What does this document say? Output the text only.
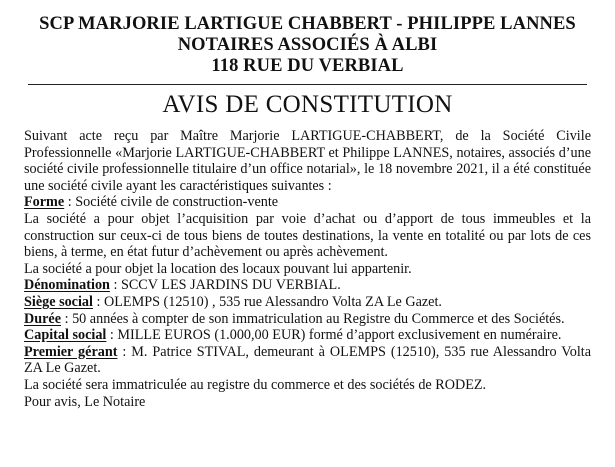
SCP MARJORIE LARTIGUE CHABBERT - PHILIPPE LANNES
NOTAIRES ASSOCIÉS À ALBI
118 RUE DU VERBIAL
AVIS DE CONSTITUTION

Suivant acte reçu par Maître Marjorie LARTIGUE-CHABBERT, de la Société Civile Professionnelle «Marjorie LARTIGUE-CHABBERT et Philippe LANNES, notaires, associés d’une société civile professionnelle titulaire d’un office notarial», le 18 novembre 2021, il a été constituée une société civile ayant les caractéristiques suivantes :

Forme : Société civile de construction-vente

La société a pour objet l’acquisition par voie d’achat ou d’apport de tous immeubles et la construction sur ceux-ci de tous biens de toutes destinations, la vente en totalité ou par lots de ces biens, à terme, en état futur d’achèvement ou après achèvement.

La société a pour objet la location des locaux pouvant lui appartenir.

Dénomination : SCCV LES JARDINS DU VERBIAL.

Siège social : OLEMPS (12510) , 535 rue Alessandro Volta ZA Le Gazet.

Durée : 50 années à compter de son immatriculation au Registre du Commerce et des Sociétés.

Capital social : MILLE EUROS (1.000,00 EUR) formé d’apport exclusivement en numéraire.

Premier gérant : M. Patrice STIVAL, demeurant à OLEMPS (12510), 535 rue Alessandro Volta ZA Le Gazet.

La société sera immatriculée au registre du commerce et des sociétés de RODEZ.

Pour avis, Le Notaire
